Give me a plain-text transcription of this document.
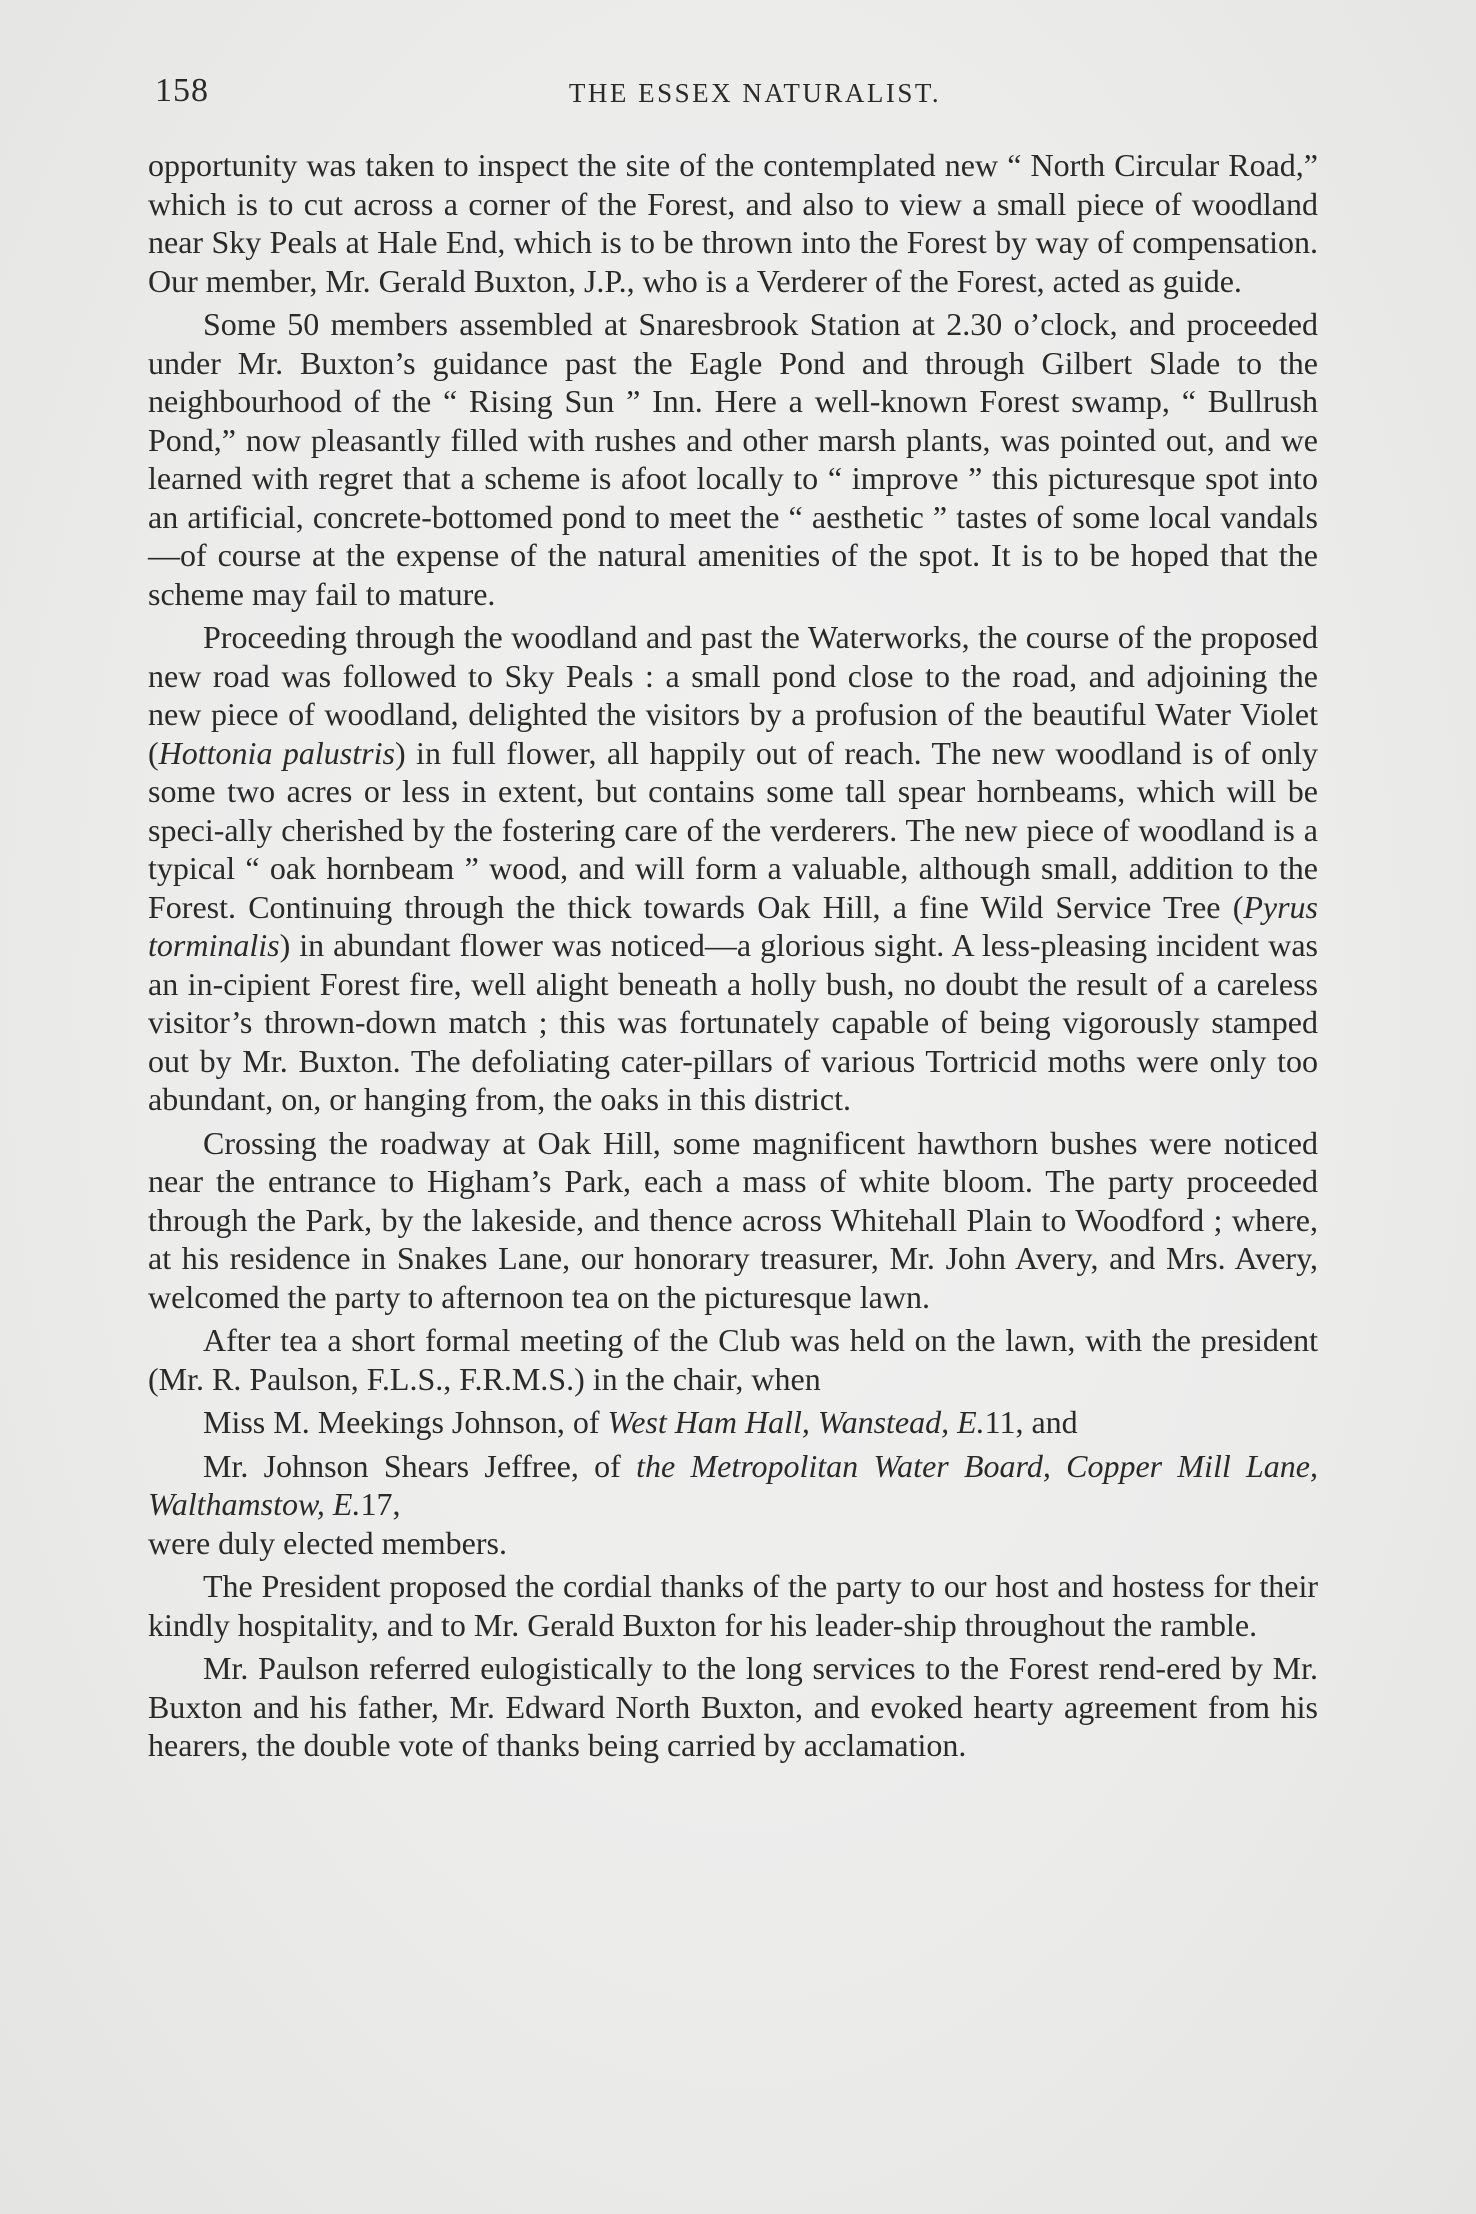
158	THE ESSEX NATURALIST.

opportunity was taken to inspect the site of the contemplated new “ North Circular Road,” which is to cut across a corner of the Forest, and also to view a small piece of woodland near Sky Peals at Hale End, which is to be thrown into the Forest by way of compensation. Our member, Mr. Gerald Buxton, J.P., who is a Verderer of the Forest, acted as guide.

Some 50 members assembled at Snaresbrook Station at 2.30 o’clock, and proceeded under Mr. Buxton’s guidance past the Eagle Pond and through Gilbert Slade to the neighbourhood of the “ Rising Sun ” Inn. Here a well-known Forest swamp, “ Bullrush Pond,” now pleasantly filled with rushes and other marsh plants, was pointed out, and we learned with regret that a scheme is afoot locally to “ improve ” this picturesque spot into an artificial, concrete-bottomed pond to meet the “ aesthetic ” tastes of some local vandals—of course at the expense of the natural amenities of the spot. It is to be hoped that the scheme may fail to mature.

Proceeding through the woodland and past the Waterworks, the course of the proposed new road was followed to Sky Peals : a small pond close to the road, and adjoining the new piece of woodland, delighted the visitors by a profusion of the beautiful Water Violet (Hottonia palustris) in full flower, all happily out of reach. The new woodland is of only some two acres or less in extent, but contains some tall spear hornbeams, which will be speci-ally cherished by the fostering care of the verderers. The new piece of woodland is a typical “ oak hornbeam ” wood, and will form a valuable, although small, addition to the Forest. Continuing through the thick towards Oak Hill, a fine Wild Service Tree (Pyrus torminalis) in abundant flower was noticed—a glorious sight. A less-pleasing incident was an in-cipient Forest fire, well alight beneath a holly bush, no doubt the result of a careless visitor’s thrown-down match ; this was fortunately capable of being vigorously stamped out by Mr. Buxton. The defoliating cater-pillars of various Tortricid moths were only too abundant, on, or hanging from, the oaks in this district.

Crossing the roadway at Oak Hill, some magnificent hawthorn bushes were noticed near the entrance to Higham’s Park, each a mass of white bloom. The party proceeded through the Park, by the lakeside, and thence across Whitehall Plain to Woodford ; where, at his residence in Snakes Lane, our honorary treasurer, Mr. John Avery, and Mrs. Avery, welcomed the party to afternoon tea on the picturesque lawn.

After tea a short formal meeting of the Club was held on the lawn, with the president (Mr. R. Paulson, F.L.S., F.R.M.S.) in the chair, when

Miss M. Meekings Johnson, of West Ham Hall, Wanstead, E.11, and

Mr. Johnson Shears Jeffree, of the Metropolitan Water Board, Copper Mill Lane, Walthamstow, E.17,

were duly elected members.

The President proposed the cordial thanks of the party to our host and hostess for their kindly hospitality, and to Mr. Gerald Buxton for his leader-ship throughout the ramble.

Mr. Paulson referred eulogistically to the long services to the Forest rend-ered by Mr. Buxton and his father, Mr. Edward North Buxton, and evoked hearty agreement from his hearers, the double vote of thanks being carried by acclamation.
